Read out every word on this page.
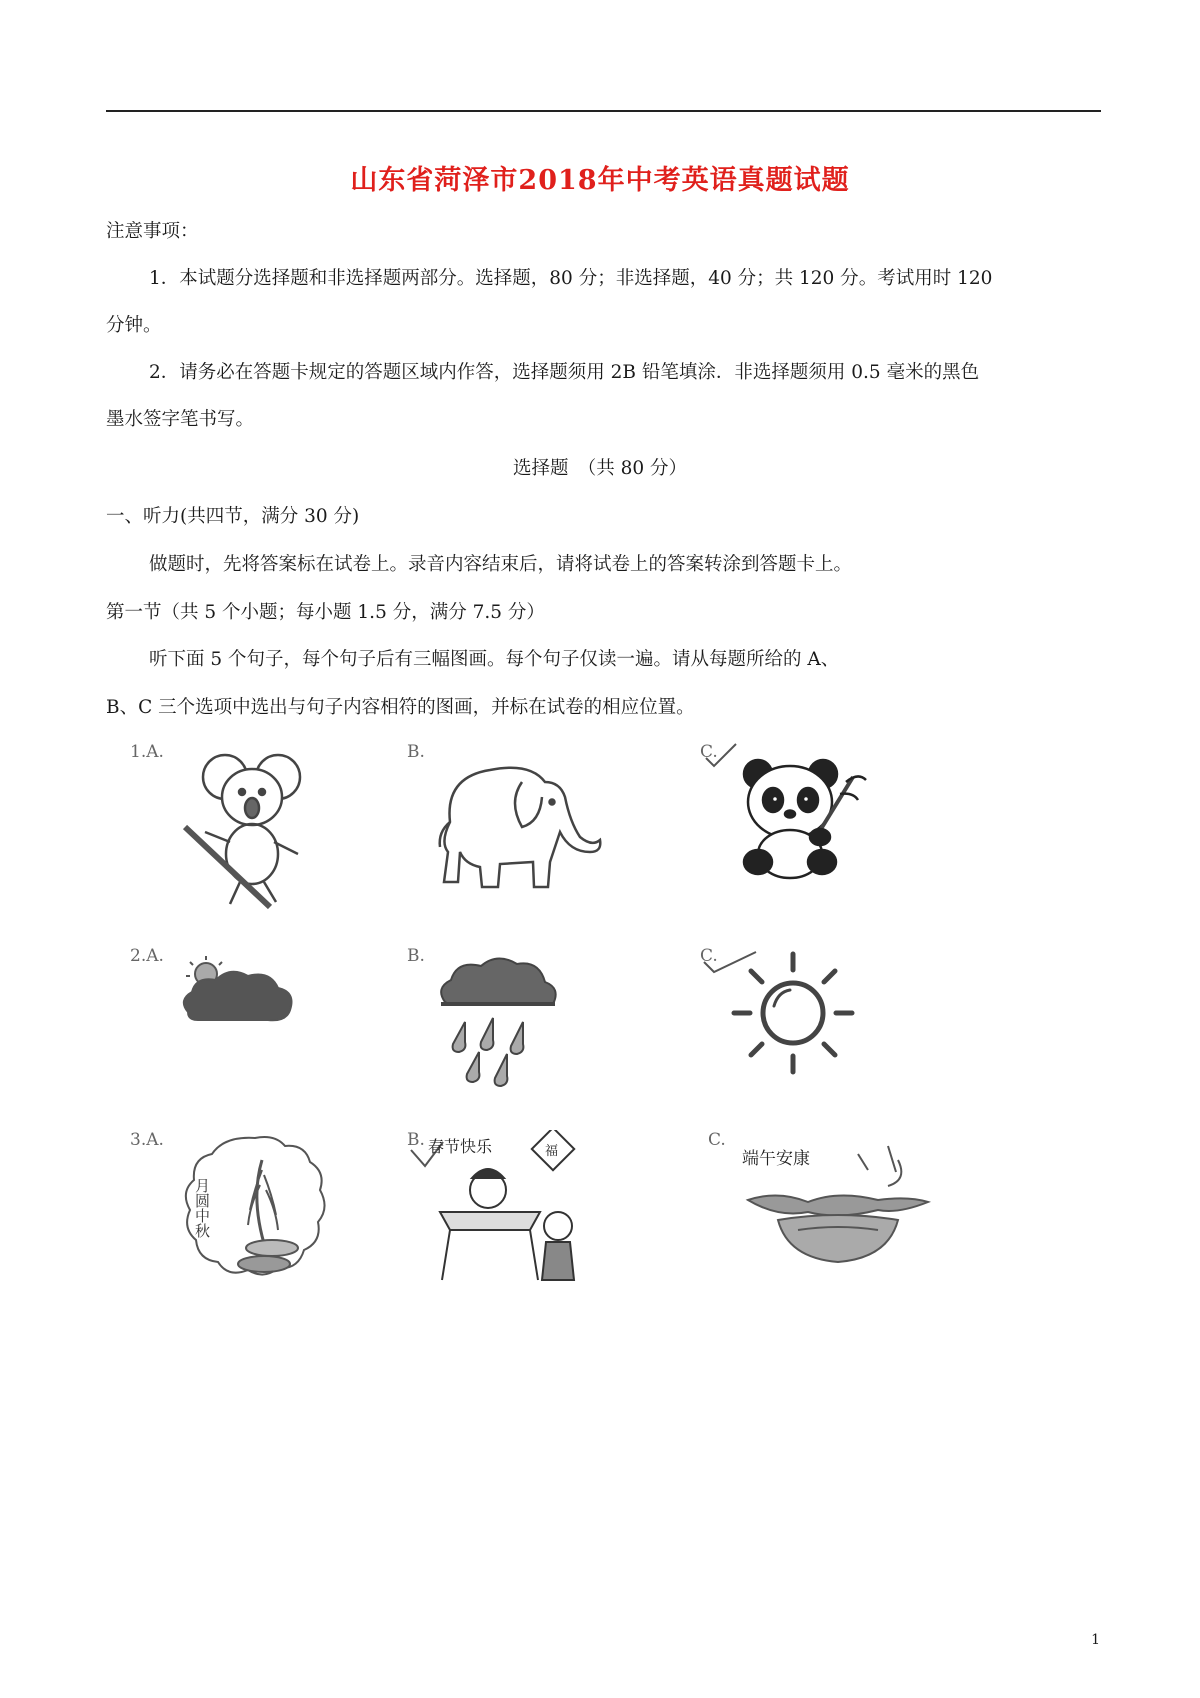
山东省菏泽市2018年中考英语真题试题
注意事项：
1．本试题分选择题和非选择题两部分。选择题，80 分；非选择题，40 分；共 120 分。考试用时 120
分钟。
2．请务必在答题卡规定的答题区域内作答，选择题须用 2B 铅笔填涂．非选择题须用 0.5 毫米的黑色
墨水签字笔书写。
选择题　（共 80 分）
一、听力(共四节，满分 30 分)
做题时，先将答案标在试卷上。录音内容结束后，请将试卷上的答案转涂到答题卡上。
第一节（共 5 个小题；每小题 1.5 分，满分 7.5 分）
听下面 5 个句子，每个句子后有三幅图画。每个句子仅读一遍。请从每题所给的 A、
B、C 三个选项中选出与句子内容相符的图画，并标在试卷的相应位置。
1.A.	B.	C.
2.A.	B.	C.
3.A.
月圆中秋
B. 春节快乐	福
C.
端午安康
1
